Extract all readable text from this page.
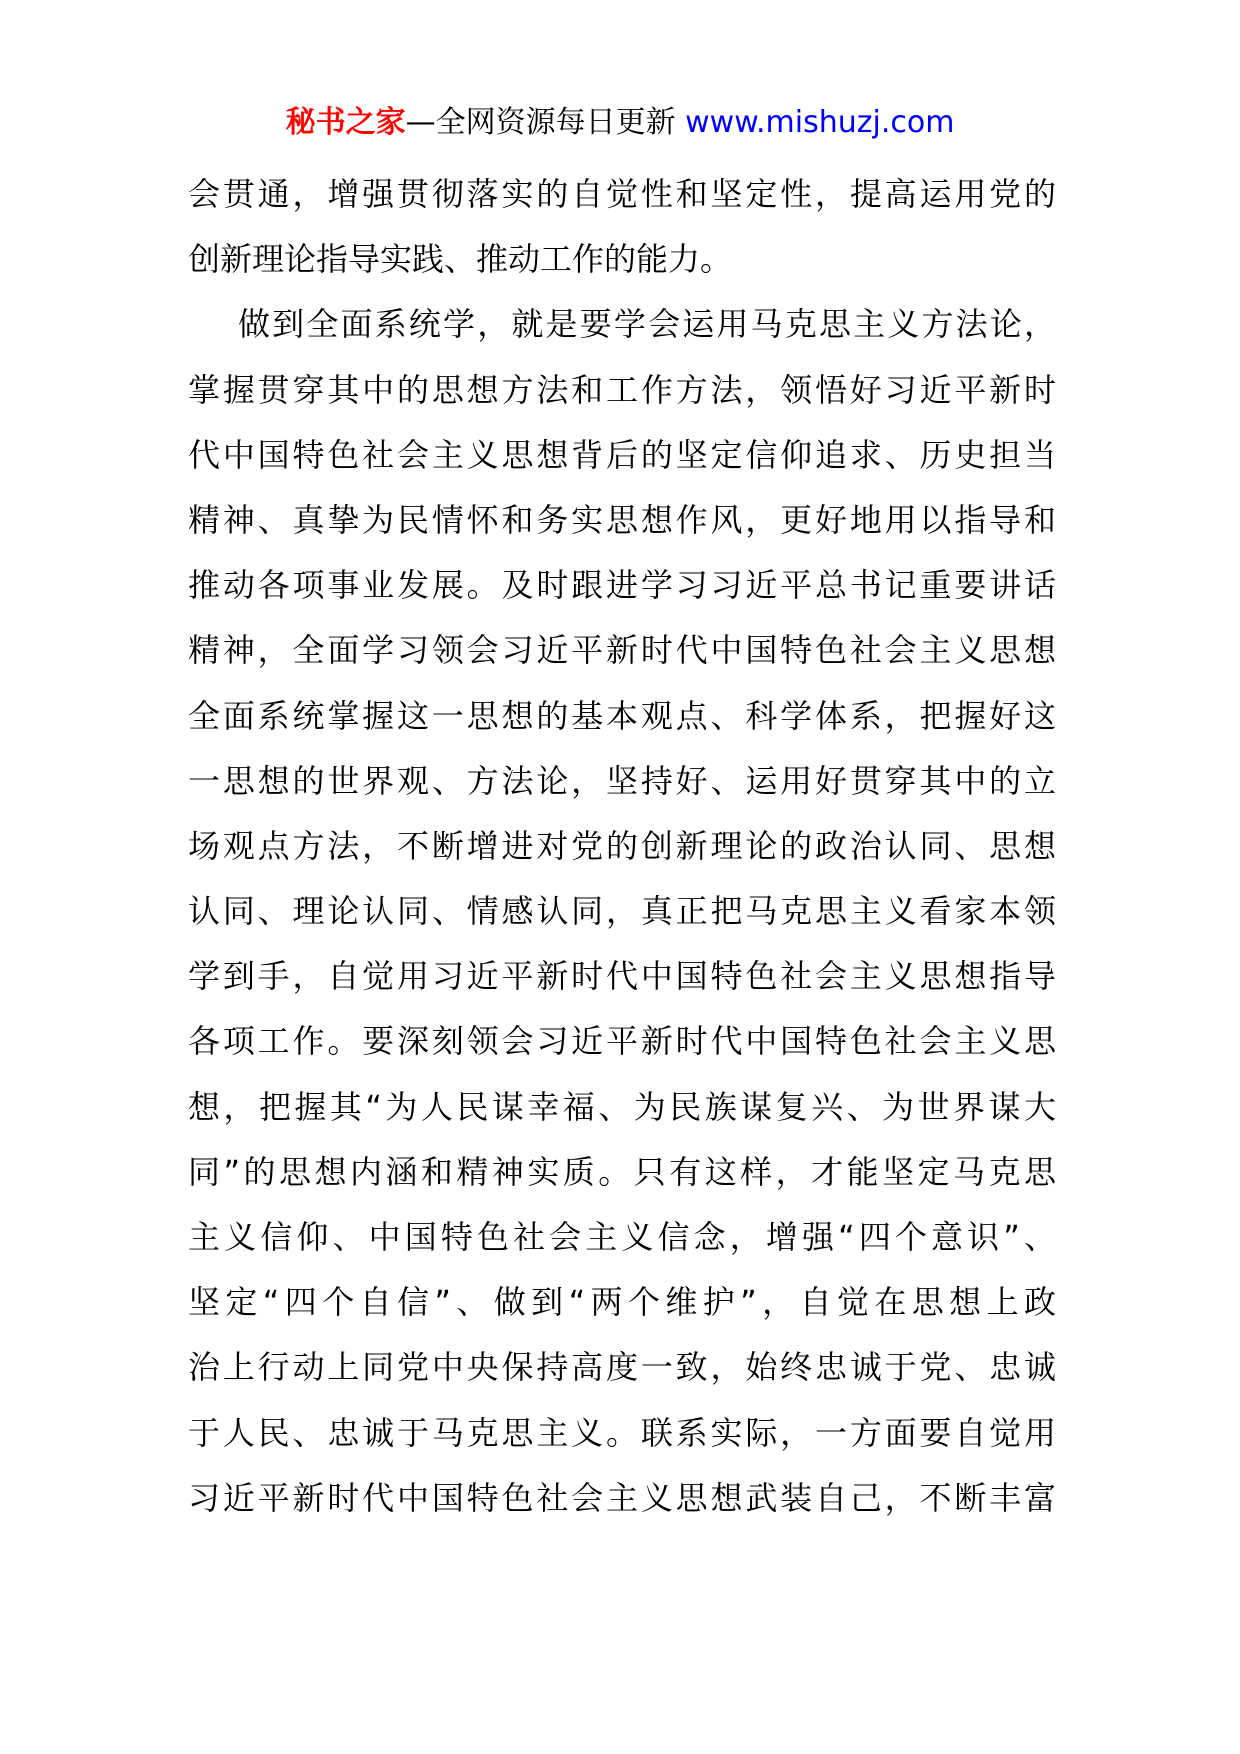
秘书之家—全网资源每日更新 www.mishuzj.com
会贯通，增强贯彻落实的自觉性和坚定性，提高运用党的
创新理论指导实践、推动工作的能力。
做到全面系统学，就是要学会运用马克思主义方法论，
掌握贯穿其中的思想方法和工作方法，领悟好习近平新时
代中国特色社会主义思想背后的坚定信仰追求、历史担当
精神、真挚为民情怀和务实思想作风，更好地用以指导和
推动各项事业发展。及时跟进学习习近平总书记重要讲话
精神，全面学习领会习近平新时代中国特色社会主义思想
全面系统掌握这一思想的基本观点、科学体系，把握好这
一思想的世界观、方法论，坚持好、运用好贯穿其中的立
场观点方法，不断增进对党的创新理论的政治认同、思想
认同、理论认同、情感认同，真正把马克思主义看家本领
学到手，自觉用习近平新时代中国特色社会主义思想指导
各项工作。要深刻领会习近平新时代中国特色社会主义思
想，把握其“为人民谋幸福、为民族谋复兴、为世界谋大
同”的思想内涵和精神实质。只有这样，才能坚定马克思
主义信仰、中国特色社会主义信念，增强“四个意识”、
坚定“四个自信”、做到“两个维护”，自觉在思想上政
治上行动上同党中央保持高度一致，始终忠诚于党、忠诚
于人民、忠诚于马克思主义。联系实际，一方面要自觉用
习近平新时代中国特色社会主义思想武装自己，不断丰富
